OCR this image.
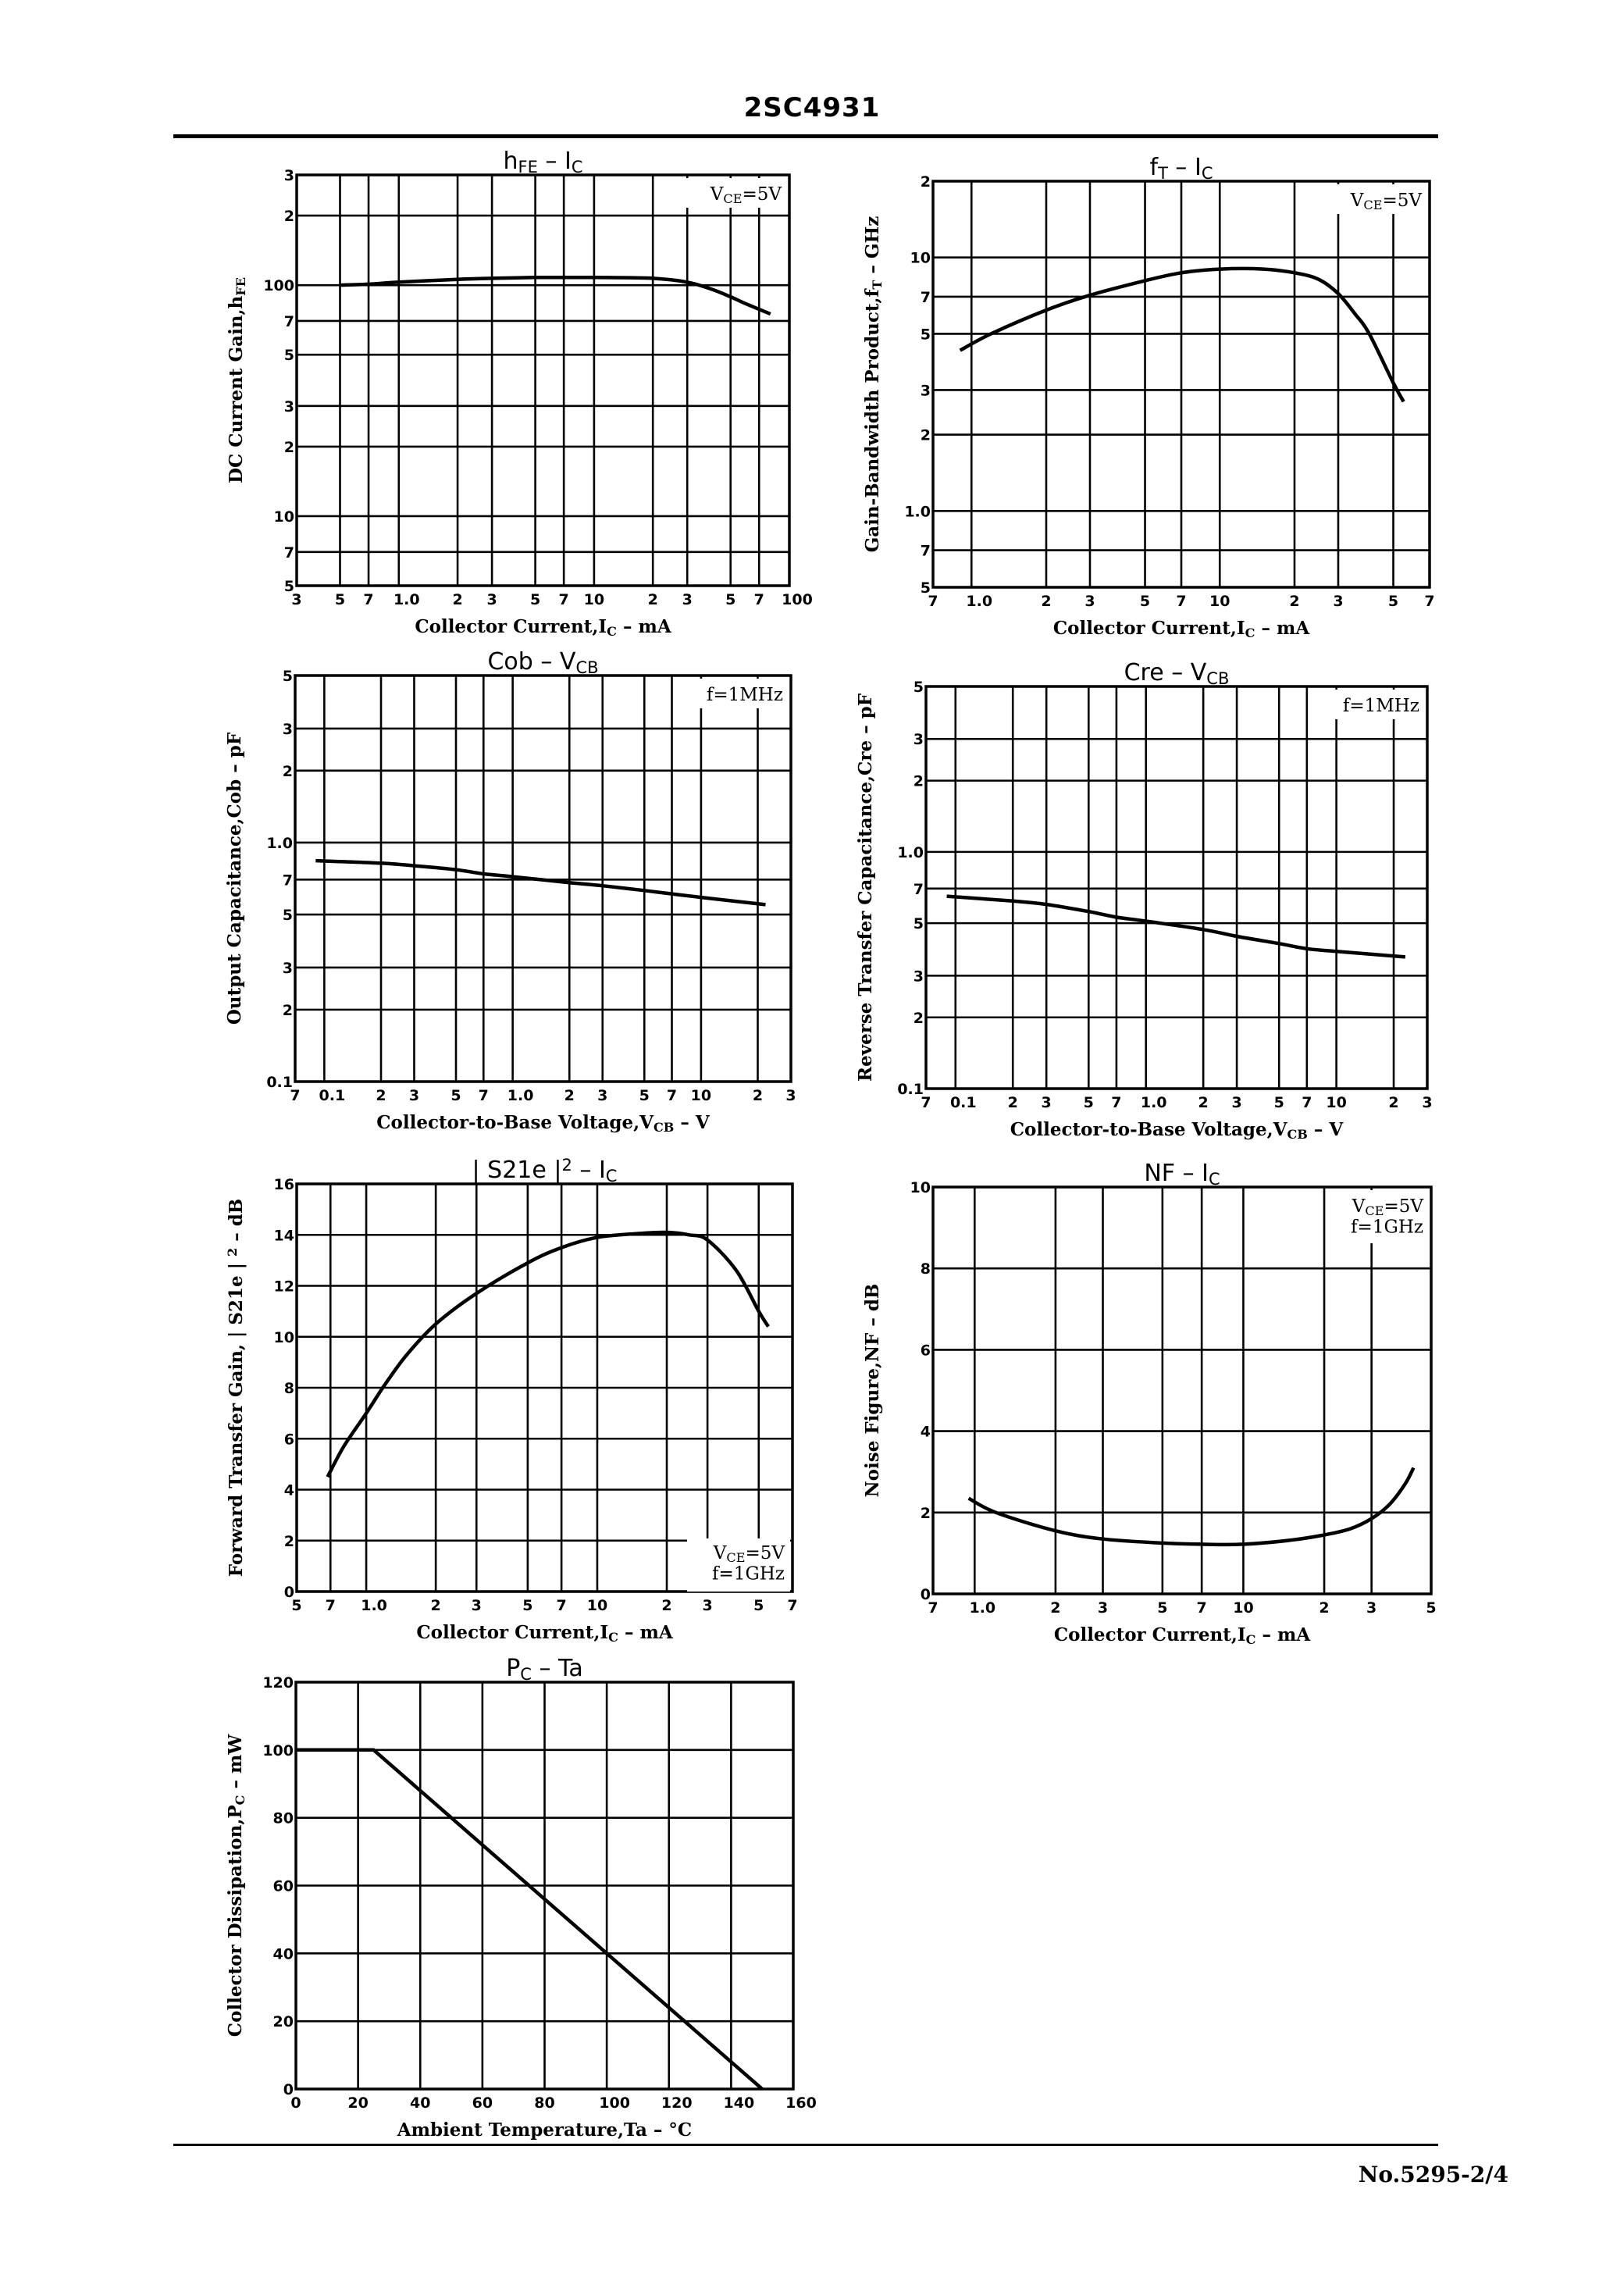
2SC4931
3 5 7 1.0 2 3 5 7 10	2 3 5 7 100
5
7
10
2
3
5
7
100
2
3
hFE – IC
Collector Current,IC – mA
DC Current Gain,hFE
VCE=5V
7 1.0	2 3	5 7 10	2 3	5 7
5
7
1.0
2
3
5
7
10
2
fT – IC
Collector Current,IC – mA
Gain-Bandwidth Product,fT – GHz
VCE=5V
7 0.1 2 3 5 7 1.0 2 3 5 7 10	2 3
0.1
2
3
5
7
1.0
2
3
5
Cob – VCB
Collector-to-Base Voltage,VCB – V
Output Capacitance,Cob – pF
f=1MHz
7 0.1 2 3 5 7 1.0 2 3 5 7 10	2 3
0.1
2
3
5
7
1.0
2
3
5
Cre – VCB
Collector-to-Base Voltage,VCB – V
Reverse Transfer Capacitance,Cre – pF	f=1MHz
5 7 1.0	2 3	5 7 10	2 3	5 7
0
2
4
6
8
10
12
14
16
| S21e |2 – IC
Collector Current,IC – mA
Forward Transfer Gain, | S21e | 2 – dB
VCE=5V f=1GHz
7 1.0	2 3	5 7 10	2 3	5
0
2
4
6
8
10
NF – IC
Collector Current,IC – mA
Noise Figure,NF – dB
VCE=5V f=1GHz
0	20	40	60	80	100 120 140 160
0
20
40
60
80
100
120
PC – Ta
Ambient Temperature,Ta – °C
Collector Dissipation,PC – mW
No.5295-2/4
